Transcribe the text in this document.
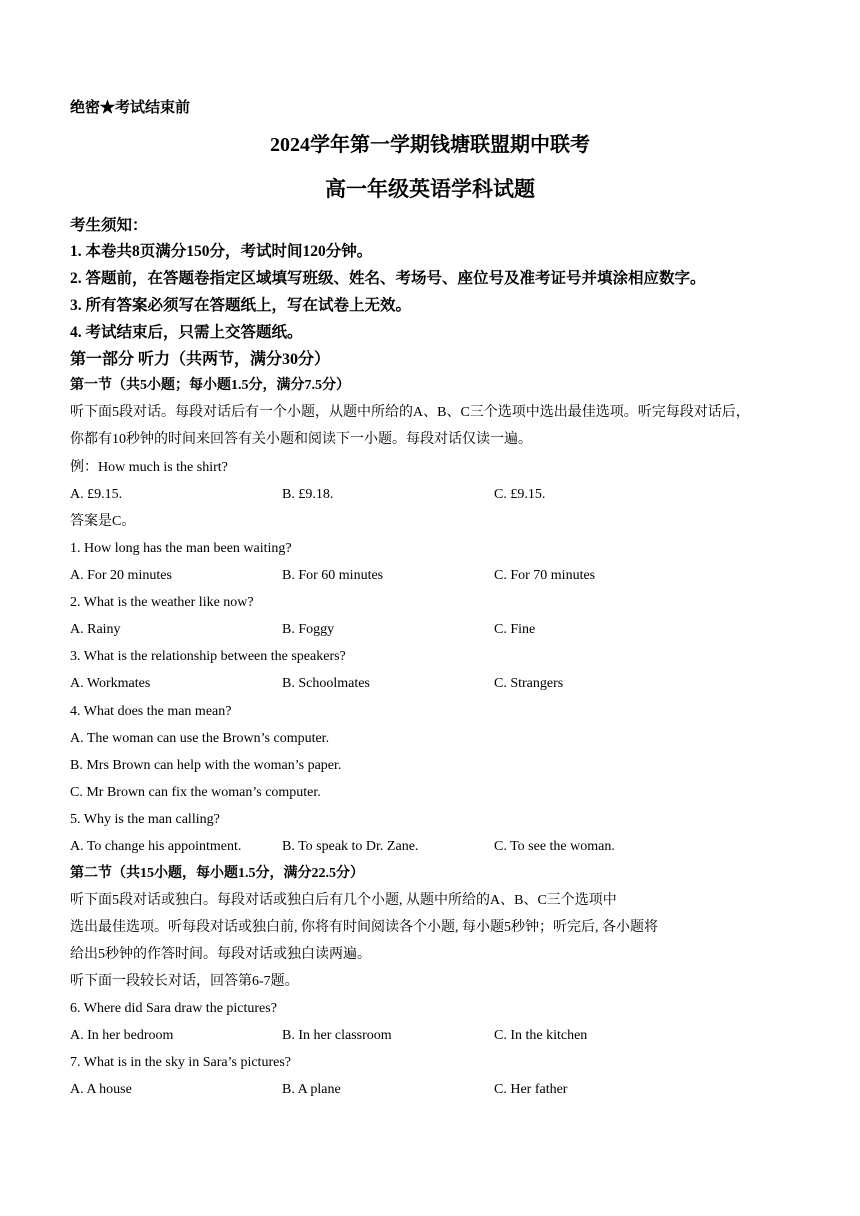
绝密★考试结束前
2024学年第一学期钱塘联盟期中联考
高一年级英语学科试题
考生须知：
1. 本卷共8页满分150分，考试时间120分钟。
2. 答题前，在答题卷指定区域填写班级、姓名、考场号、座位号及准考证号并填涂相应数字。
3. 所有答案必须写在答题纸上，写在试卷上无效。
4. 考试结束后，只需上交答题纸。
第一部分 听力（共两节，满分30分）
第一节（共5小题；每小题1.5分，满分7.5分）
听下面5段对话。每段对话后有一个小题，从题中所给的A、B、C三个选项中选出最佳选项。听完每段对话后，
你都有10秒钟的时间来回答有关小题和阅读下一小题。每段对话仅读一遍。
例：How much is the shirt?
A. £9.15.	B. £9.18.	C. £9.15.
答案是C。
1. How long has the man been waiting?
A. For 20 minutes	B. For 60 minutes	C. For 70 minutes
2. What is the weather like now?
A. Rainy	B. Foggy	C. Fine
3. What is the relationship between the speakers?
A. Workmates	B. Schoolmates	C. Strangers
4. What does the man mean?
A. The woman can use the Brown’s computer.
B. Mrs Brown can help with the woman’s paper.
C. Mr Brown can fix the woman’s computer.
5. Why is the man calling?
A. To change his appointment.	B. To speak to Dr. Zane.	C. To see the woman.
第二节（共15小题，每小题1.5分，满分22.5分）
听下面5段对话或独白。每段对话或独白后有几个小题, 从题中所给的A、B、C三个选项中
选出最佳选项。听每段对话或独白前, 你将有时间阅读各个小题, 每小题5秒钟；听完后, 各小题将
给出5秒钟的作答时间。每段对话或独白读两遍。
听下面一段较长对话，回答第6-7题。
6. Where did Sara draw the pictures?
A. In her bedroom	B. In her classroom	C. In the kitchen
7. What is in the sky in Sara’s pictures?
A. A house	B. A plane	C. Her father
